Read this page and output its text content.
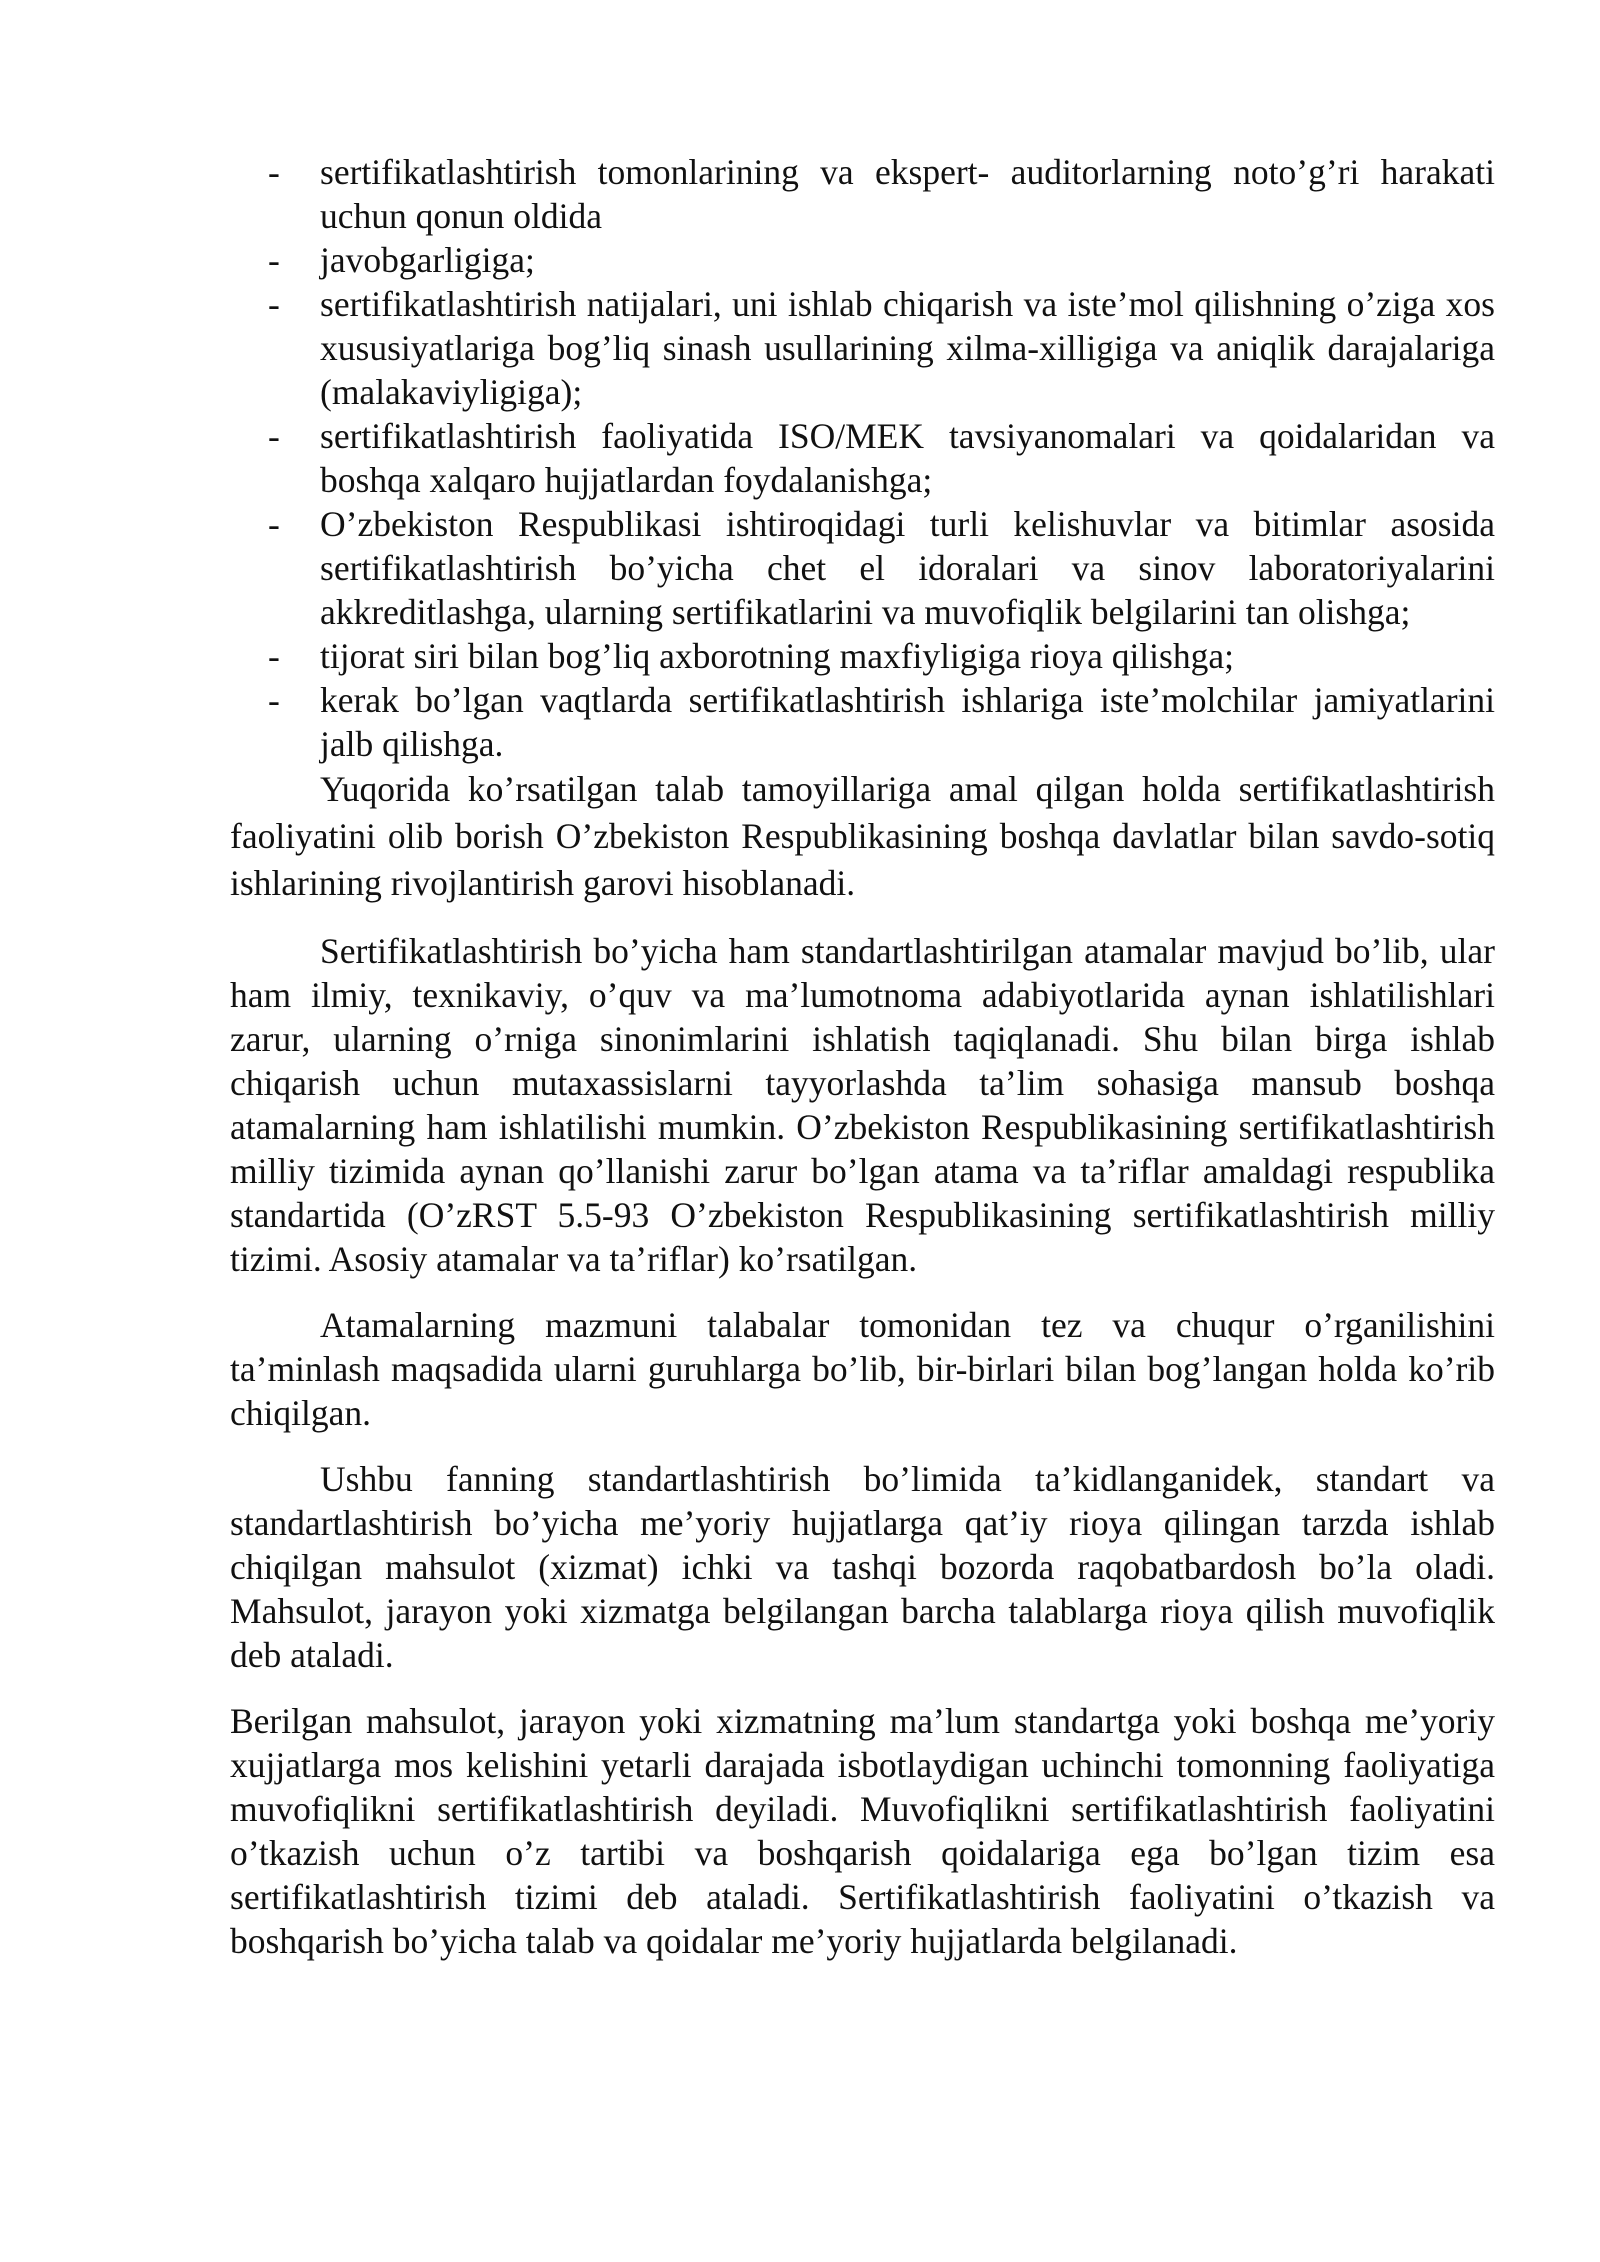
- sertifikatlashtirish tomonlarining va ekspert- auditorlarning noto’g’ri harakati uchun qonun oldida
- javobgarligiga;
- sertifikatlashtirish natijalari, uni ishlab chiqarish va iste’mol qilishning o’ziga xos xususiyatlariga bog’liq sinash usullarining xilma-xilligiga va aniqlik darajalariga (malakaviyligiga);
- sertifikatlashtirish faoliyatida ISO/MEK tavsiyanomalari va qoidalaridan va boshqa xalqaro hujjatlardan foydalanishga;
- O’zbekiston Respublikasi ishtiroqidagi turli kelishuvlar va bitimlar asosida sertifikatlashtirish bo’yicha chet el idoralari va sinov laboratoriyalarini akkreditlashga, ularning sertifikatlarini va muvofiqlik belgilarini tan olishga;
- tijorat siri bilan bog’liq axborotning maxfiyligiga rioya qilishga;
- kerak bo’lgan vaqtlarda sertifikatlashtirish ishlariga iste’molchilar jamiyatlarini jalb qilishga.

Yuqorida ko’rsatilgan talab tamoyillariga amal qilgan holda sertifikatlashtirish faoliyatini olib borish O’zbekiston Respublikasining boshqa davlatlar bilan savdo-sotiq ishlarining rivojlantirish garovi hisoblanadi.

Sertifikatlashtirish bo’yicha ham standartlashtirilgan atamalar mavjud bo’lib, ular ham ilmiy, texnikaviy, o’quv va ma’lumotnoma adabiyotlarida aynan ishlatilishlari zarur, ularning o’rniga sinonimlarini ishlatish taqiqlanadi. Shu bilan birga ishlab chiqarish uchun mutaxassislarni tayyorlashda ta’lim sohasiga mansub boshqa atamalarning ham ishlatilishi mumkin. O’zbekiston Respublikasining sertifikatlashtirish milliy tizimida aynan qo’llanishi zarur bo’lgan atama va ta’riflar amaldagi respublika standartida (O’zRST 5.5-93 O’zbekiston Respublikasining sertifikatlashtirish milliy tizimi. Asosiy atamalar va ta’riflar) ko’rsatilgan.

Atamalarning mazmuni talabalar tomonidan tez va chuqur o’rganilishini ta’minlash maqsadida ularni guruhlarga bo’lib, bir-birlari bilan bog’langan holda ko’rib chiqilgan.

Ushbu fanning standartlashtirish bo’limida ta’kidlanganidek, standart va standartlashtirish bo’yicha me’yoriy hujjatlarga qat’iy rioya qilingan tarzda ishlab chiqilgan mahsulot (xizmat) ichki va tashqi bozorda raqobatbardosh bo’la oladi. Mahsulot, jarayon yoki xizmatga belgilangan barcha talablarga rioya qilish muvofiqlik deb ataladi.

Berilgan mahsulot, jarayon yoki xizmatning ma’lum standartga yoki boshqa me’yoriy xujjatlarga mos kelishini yetarli darajada isbotlaydigan uchinchi tomonning faoliyatiga muvofiqlikni sertifikatlashtirish deyiladi. Muvofiqlikni sertifikatlashtirish faoliyatini o’tkazish uchun o’z tartibi va boshqarish qoidalariga ega bo’lgan tizim esa sertifikatlashtirish tizimi deb ataladi. Sertifikatlashtirish faoliyatini o’tkazish va boshqarish bo’yicha talab va qoidalar me’yoriy hujjatlarda belgilanadi.
